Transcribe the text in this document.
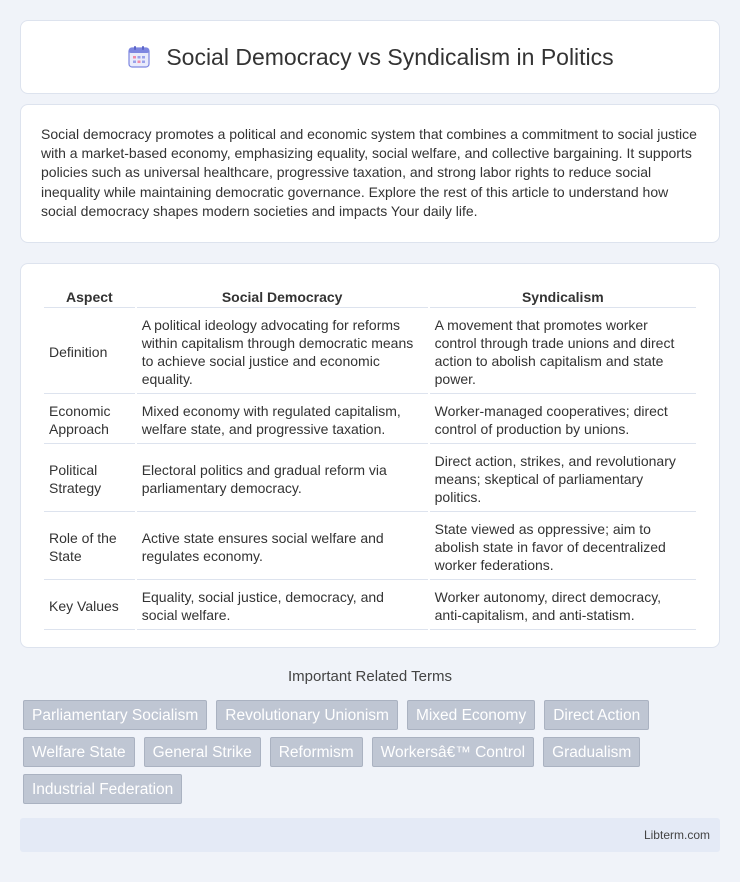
Social Democracy vs Syndicalism in Politics

Social democracy promotes a political and economic system that combines a commitment to social justice with a market-based economy, emphasizing equality, social welfare, and collective bargaining. It supports policies such as universal healthcare, progressive taxation, and strong labor rights to reduce social inequality while maintaining democratic governance. Explore the rest of this article to understand how social democracy shapes modern societies and impacts Your daily life.

Aspect	Social Democracy	Syndicalism
Definition	A political ideology advocating for reforms within capitalism through democratic means to achieve social justice and economic equality.	A movement that promotes worker control through trade unions and direct action to abolish capitalism and state power.
Economic Approach	Mixed economy with regulated capitalism, welfare state, and progressive taxation.	Worker-managed cooperatives; direct control of production by unions.
Political Strategy	Electoral politics and gradual reform via parliamentary democracy.	Direct action, strikes, and revolutionary means; skeptical of parliamentary politics.
Role of the State	Active state ensures social welfare and regulates economy.	State viewed as oppressive; aim to abolish state in favor of decentralized worker federations.
Key Values	Equality, social justice, democracy, and social welfare.	Worker autonomy, direct democracy, anti-capitalism, and anti-statism.
Important Related Terms
Parliamentary Socialism	Revolutionary Unionism	Mixed Economy	Direct Action
Welfare State	General Strike	Reformism	Workersâ€™ Control	Gradualism
Industrial Federation
Libterm.com
